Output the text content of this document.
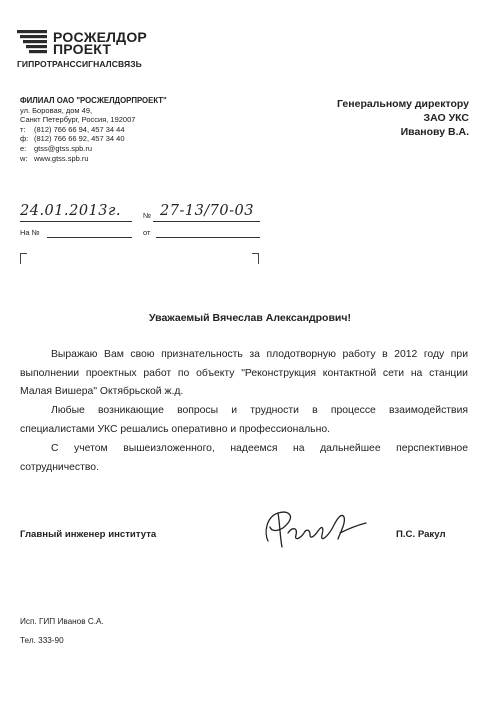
РОСЖЕЛДОР
ПРОЕКТ
ГИПРОТРАНССИГНАЛСВЯЗЬ
ФИЛИАЛ ОАО "РОСЖЕЛДОРПРОЕКТ"
ул. Боровая, дом 49,
Санкт Петербург, Россия, 192007
т: (812) 766 66 94, 457 34 44
ф: (812) 766 66 92, 457 34 40
e: gtss@gtss.spb.ru
w: www.gtss.spb.ru
Генеральному директору
ЗАО УКС
Иванову В.А.
24.01.2013г.	№ 27-13/70-03
На №	от
Уважаемый Вячеслав Александрович!
Выражаю Вам свою признательность за плодотворную работу в 2012 году при выполнении проектных работ по объекту "Реконструкция контактной сети на станции Малая Вишера" Октябрьской ж.д.
Любые возникающие вопросы и трудности в процессе взаимодействия специалистами УКС решались оперативно и профессионально.
С учетом вышеизложенного, надеемся на дальнейшее перспективное сотрудничество.
Главный инженер института	П.С. Ракул
Исп. ГИП Иванов С.А.
Тел. 333-90
